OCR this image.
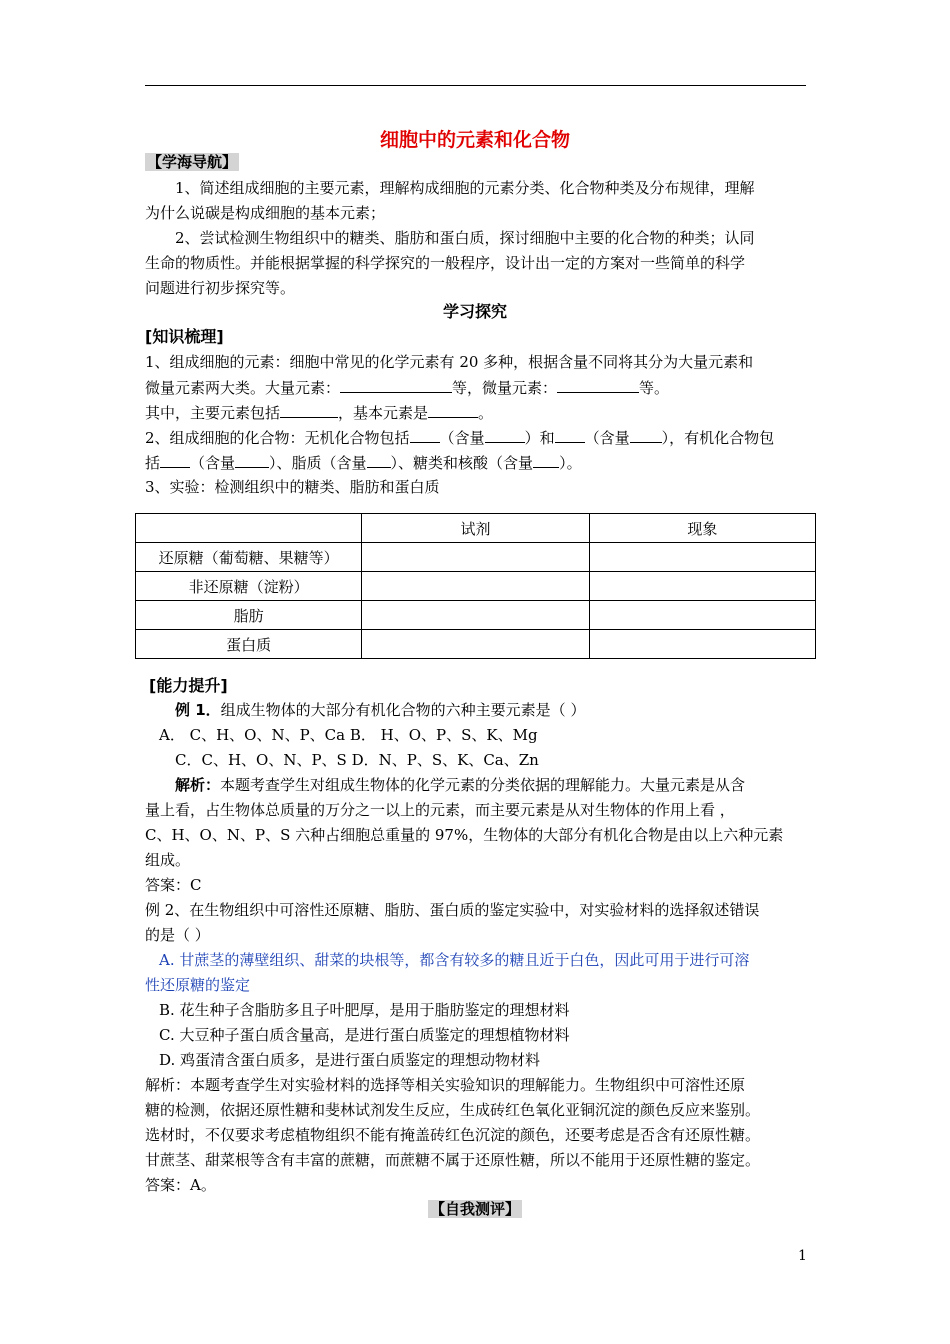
细胞中的元素和化合物
【学海导航】
1、简述组成细胞的主要元素，理解构成细胞的元素分类、化合物种类及分布规律，理解
为什么说碳是构成细胞的基本元素；
2、尝试检测生物组织中的糖类、脂肪和蛋白质，探讨细胞中主要的化合物的种类；认同
生命的物质性。并能根据掌握的科学探究的一般程序，设计出一定的方案对一些简单的科学
问题进行初步探究等。
学习探究
[知识梳理]
1、组成细胞的元素：细胞中常见的化学元素有 20 多种，根据含量不同将其分为大量元素和
微量元素两大类。大量元素：	等，微量元素：	等。
其中，主要元素包括	，基本元素是	。
2、组成细胞的化合物：无机化合物包括 （含量	）和 （含量 ），有机化合物包
括 （含量 ）、脂质（含量 ）、糖类和核酸（含量 ）。
3、实验：检测组织中的糖类、脂肪和蛋白质
	试剂	现象
还原糖（葡萄糖、果糖等）		
非还原糖（淀粉）		
脂肪		
蛋白质		
[能力提升]
例 1．组成生物体的大部分有机化合物的六种主要元素是（ ）
A． C、H、O、N、P、Ca B． H、O、P、S、K、Mg
C．C、H、O、N、P、S D．N、P、S、K、Ca、Zn
解析：本题考查学生对组成生物体的化学元素的分类依据的理解能力。大量元素是从含
量上看，占生物体总质量的万分之一以上的元素，而主要元素是从对生物体的作用上看 ，
C、H、O、N、P、S 六种占细胞总重量的 97%，生物体的大部分有机化合物是由以上六种元素
组成。
答案：C
例 2、在生物组织中可溶性还原糖、脂肪、蛋白质的鉴定实验中，对实验材料的选择叙述错误
的是（ ）
A. 甘蔗茎的薄壁组织、甜菜的块根等，都含有较多的糖且近于白色，因此可用于进行可溶
性还原糖的鉴定
B. 花生种子含脂肪多且子叶肥厚，是用于脂肪鉴定的理想材料
C. 大豆种子蛋白质含量高，是进行蛋白质鉴定的理想植物材料
D. 鸡蛋清含蛋白质多，是进行蛋白质鉴定的理想动物材料
解析：本题考查学生对实验材料的选择等相关实验知识的理解能力。生物组织中可溶性还原
糖的检测，依据还原性糖和斐林试剂发生反应，生成砖红色氧化亚铜沉淀的颜色反应来鉴别。
选材时，不仅要求考虑植物组织不能有掩盖砖红色沉淀的颜色，还要考虑是否含有还原性糖。
甘蔗茎、甜菜根等含有丰富的蔗糖，而蔗糖不属于还原性糖，所以不能用于还原性糖的鉴定。
答案：A。
【自我测评】
1
